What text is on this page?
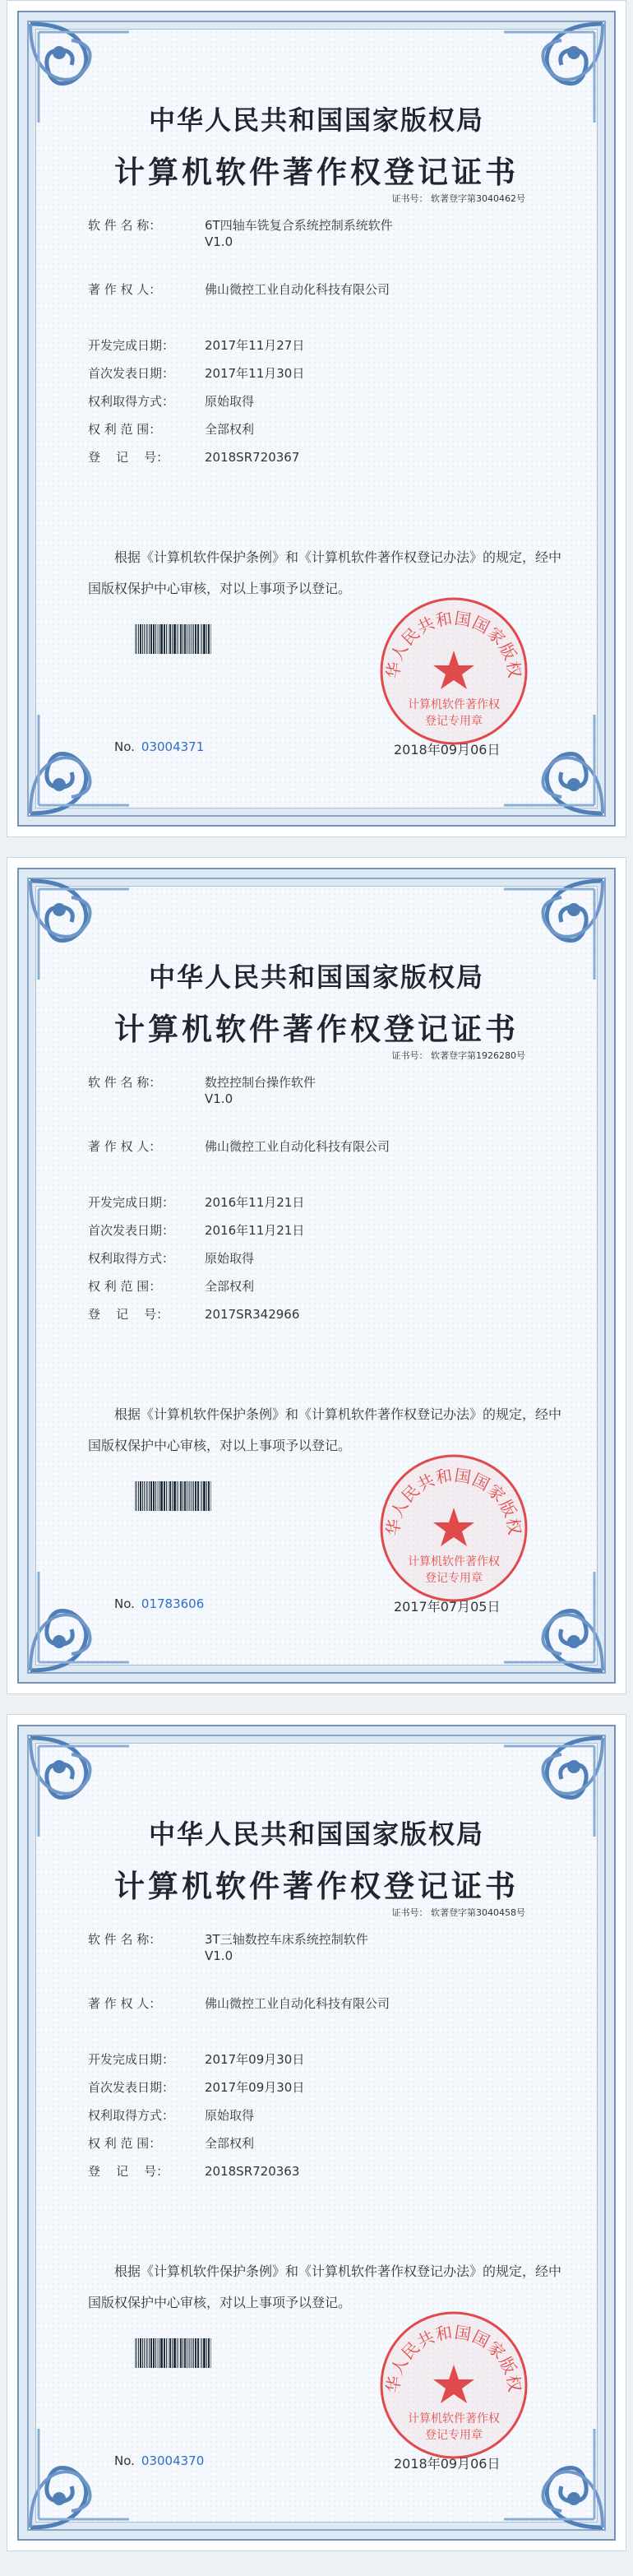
中华人民共和国国家版权局
计算机软件著作权登记证书
证书号： 软著登字第3040462号
软 件 名 称：	6T四轴车铣复合系统控制系统软件
V1.0
著 作 权 人：	佛山微控工业自动化科技有限公司
开发完成日期：	2017年11月27日
首次发表日期：	2017年11月30日
权利取得方式：	原始取得
权 利 范 围：	全部权利
登    记    号：	2018SR720367
根据《计算机软件保护条例》和《计算机软件著作权登记办法》的规定，经中国版权保护中心审核，对以上事项予以登记。
华人民共和国国家版权
计算机软件著作权
登记专用章
No. 03004371	2018年09月06日
中华人民共和国国家版权局
计算机软件著作权登记证书
证书号： 软著登字第1926280号
软 件 名 称：	数控控制台操作软件
V1.0
著 作 权 人：	佛山微控工业自动化科技有限公司
开发完成日期：	2016年11月21日
首次发表日期：	2016年11月21日
权利取得方式：	原始取得
权 利 范 围：	全部权利
登    记    号：	2017SR342966
根据《计算机软件保护条例》和《计算机软件著作权登记办法》的规定，经中国版权保护中心审核，对以上事项予以登记。
华人民共和国国家版权
计算机软件著作权
登记专用章
No. 01783606	2017年07月05日
中华人民共和国国家版权局
计算机软件著作权登记证书
证书号： 软著登字第3040458号
软 件 名 称：	3T三轴数控车床系统控制软件
V1.0
著 作 权 人：	佛山微控工业自动化科技有限公司
开发完成日期：	2017年09月30日
首次发表日期：	2017年09月30日
权利取得方式：	原始取得
权 利 范 围：	全部权利
登    记    号：	2018SR720363
根据《计算机软件保护条例》和《计算机软件著作权登记办法》的规定，经中国版权保护中心审核，对以上事项予以登记。
华人民共和国国家版权
计算机软件著作权
登记专用章
No. 03004370	2018年09月06日
